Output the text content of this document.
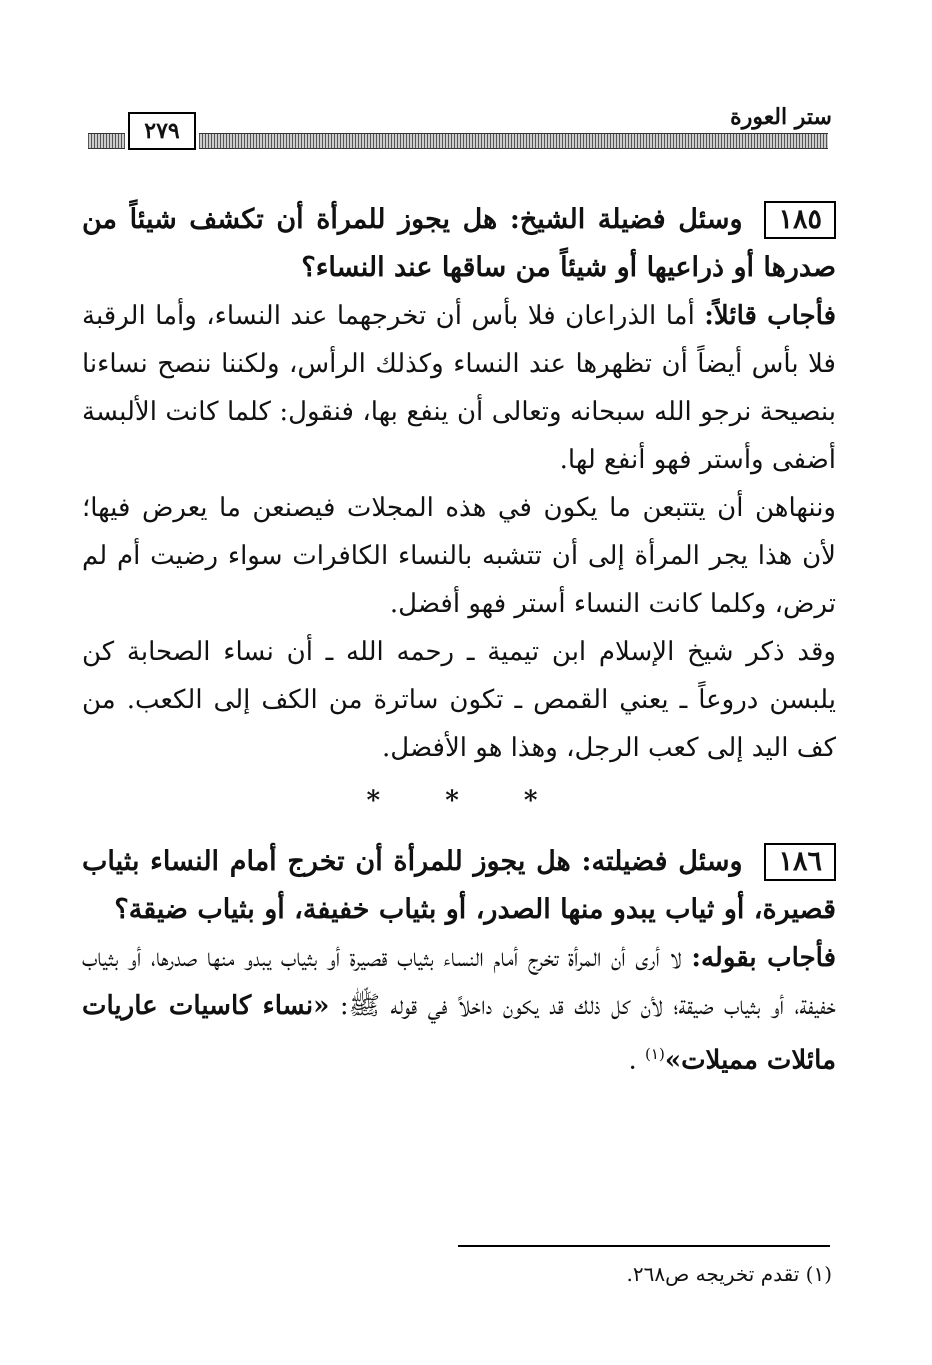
ستر العورة
٢٧٩
١٨٥وسئل فضيلة الشيخ: هل يجوز للمرأة أن تكشف شيئاً من صدرها أو ذراعيها أو شيئاً من ساقها عند النساء؟
فأجاب قائلاً: أما الذراعان فلا بأس أن تخرجهما عند النساء، وأما الرقبة فلا بأس أيضاً أن تظهرها عند النساء وكذلك الرأس، ولكننا ننصح نساءنا بنصيحة نرجو الله سبحانه وتعالى أن ينفع بها، فنقول: كلما كانت الألبسة أضفى وأستر فهو أنفع لها.
وننهاهن أن يتتبعن ما يكون في هذه المجلات فيصنعن ما يعرض فيها؛ لأن هذا يجر المرأة إلى أن تتشبه بالنساء الكافرات سواء رضيت أم لم ترض، وكلما كانت النساء أستر فهو أفضل.
وقد ذكر شيخ الإسلام ابن تيمية ـ رحمه الله ـ أن نساء الصحابة كن يلبسن دروعاً ـ يعني القمص ـ تكون ساترة من الكف إلى الكعب. من كف اليد إلى كعب الرجل، وهذا هو الأفضل.
* * *
١٨٦وسئل فضيلته: هل يجوز للمرأة أن تخرج أمام النساء بثياب قصيرة، أو ثياب يبدو منها الصدر، أو بثياب خفيفة، أو بثياب ضيقة؟
فأجاب بقوله: لا أرى أن المرأة تخرج أمام النساء بثياب قصيرة أو بثياب يبدو منها صدرها، أو بثياب خفيفة، أو بثياب ضيقة؛ لأن كل ذلك قد يكون داخلاً في قوله ﷺ: «نساء كاسيات عاريات مائلات مميلات»$^{(١)}$ .
(١) تقدم تخريجه ص٢٦٨.
